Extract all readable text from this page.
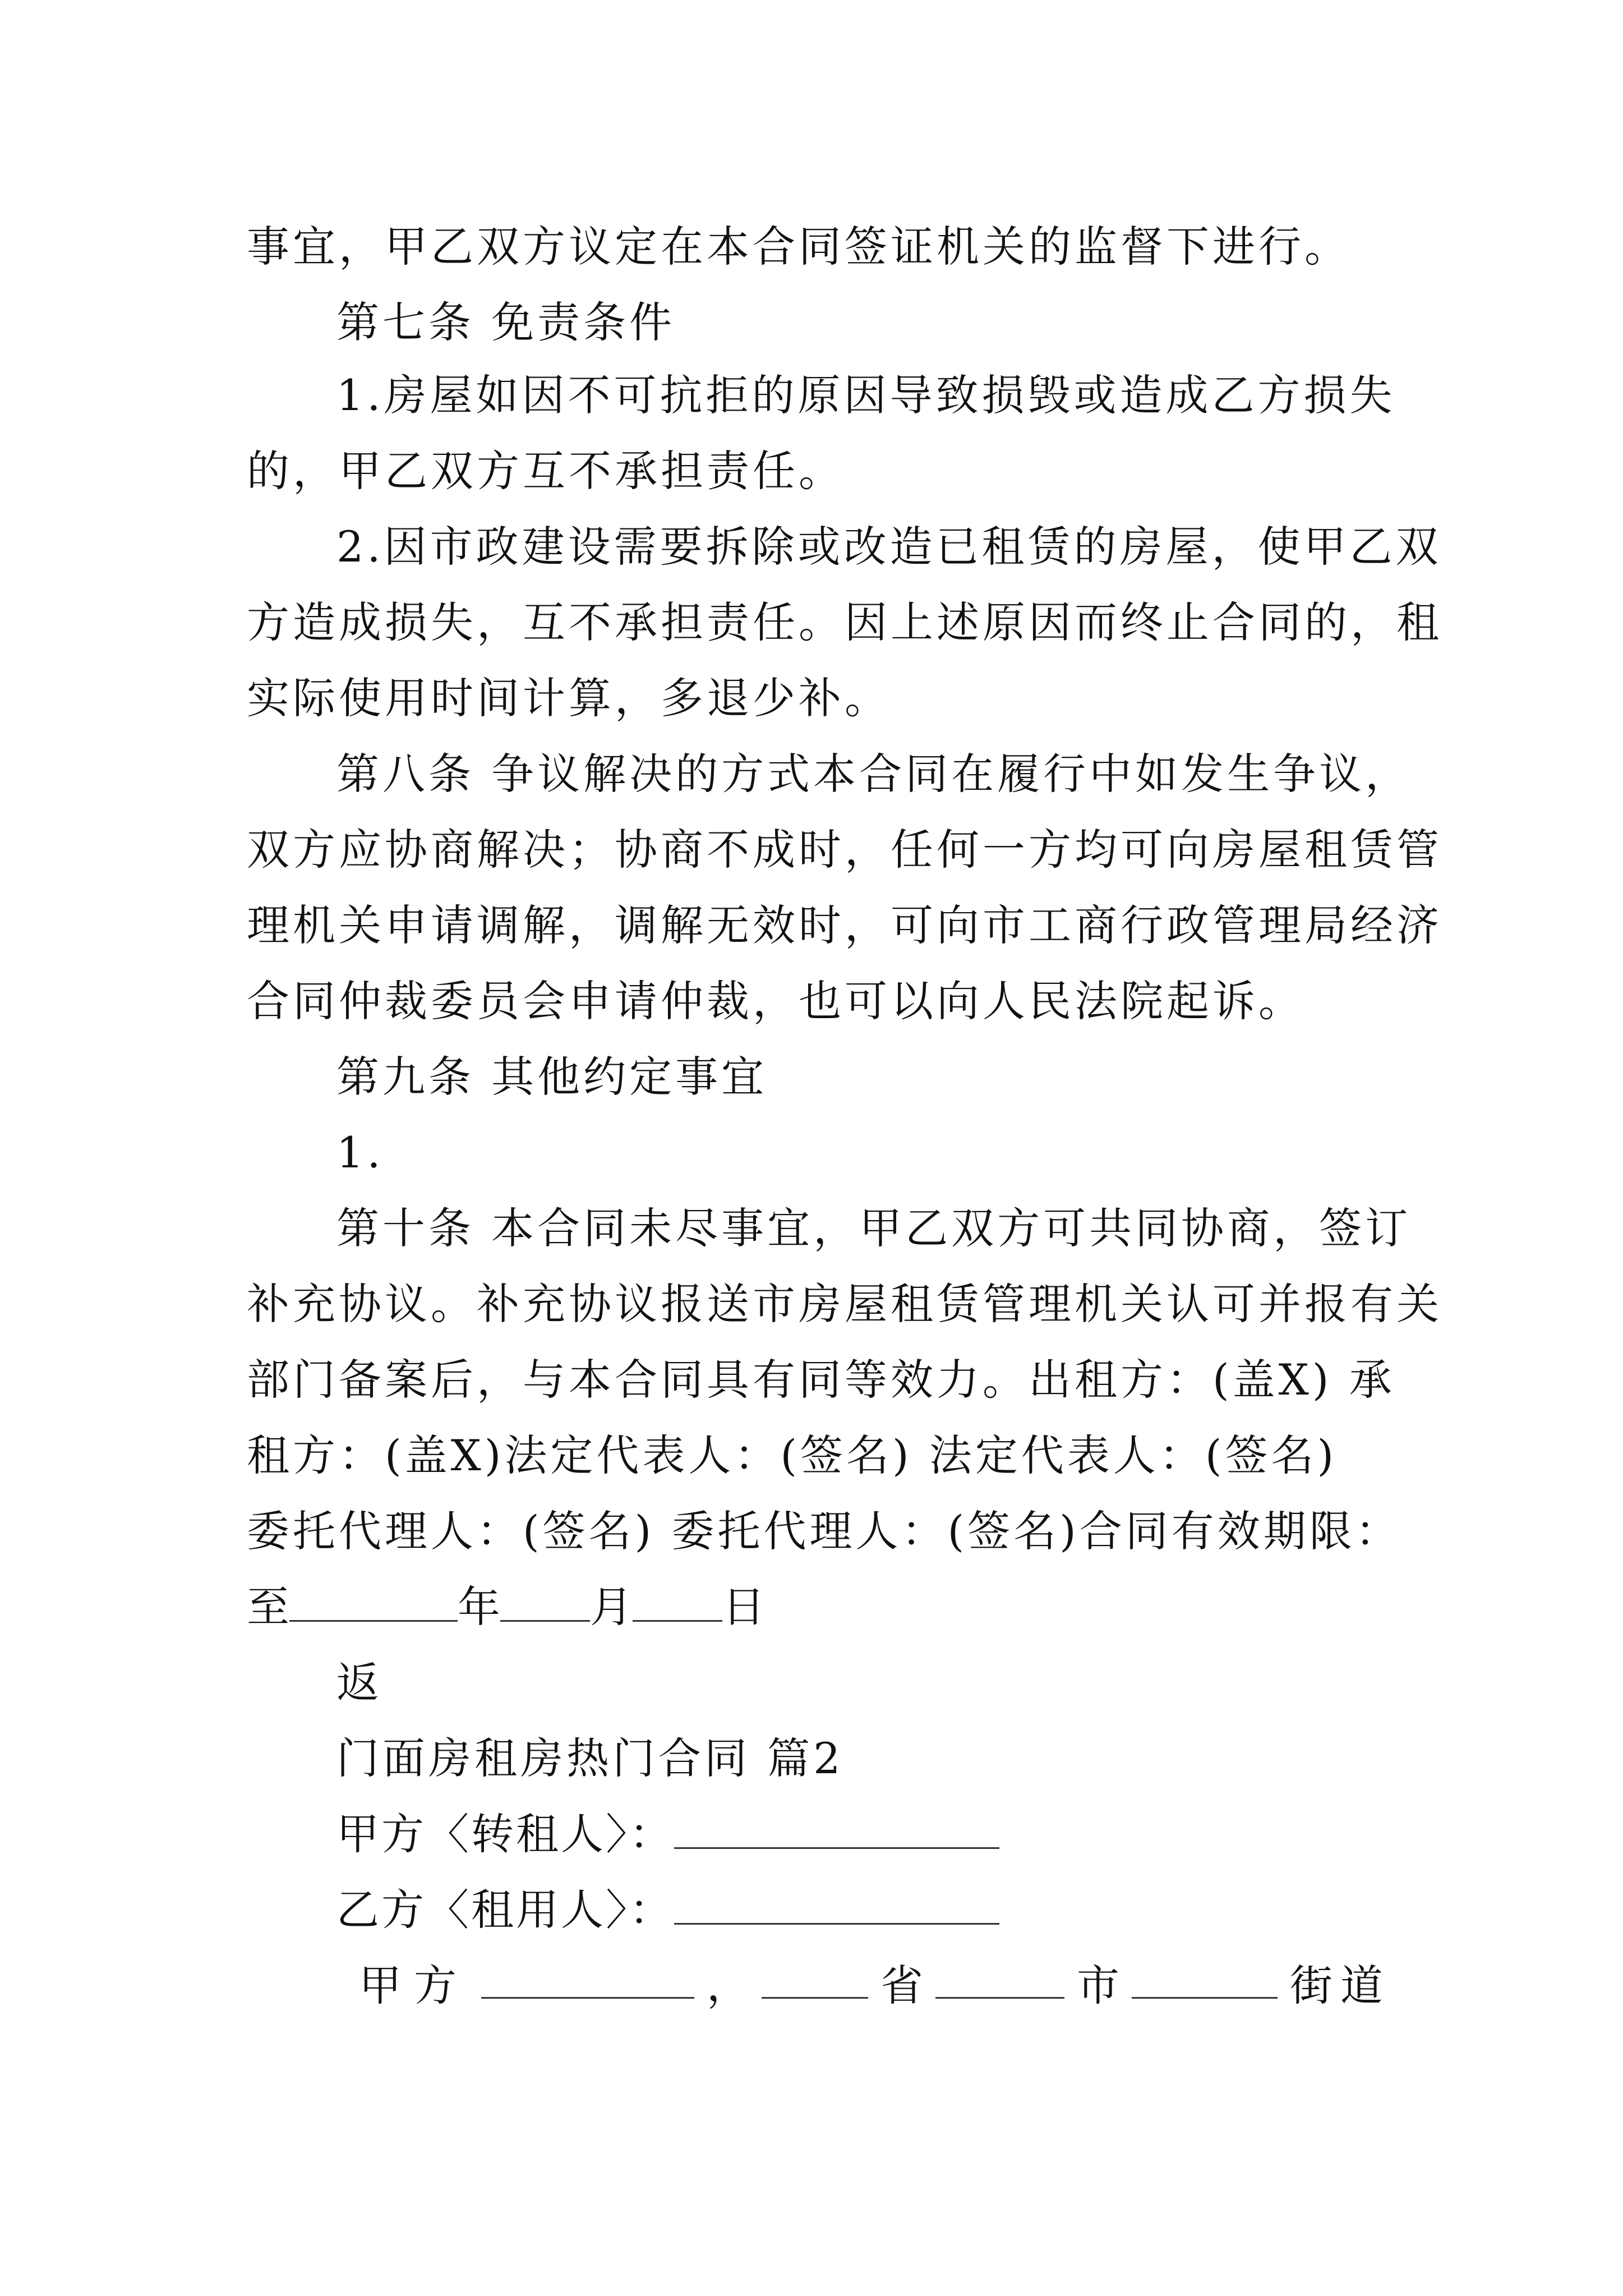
事宜，甲乙双方议定在本合同签证机关的监督下进行。
第七条 免责条件
1.房屋如因不可抗拒的原因导致损毁或造成乙方损失
的，甲乙双方互不承担责任。
2.因市政建设需要拆除或改造已租赁的房屋，使甲乙双
方造成损失，互不承担责任。因上述原因而终止合同的，租
实际使用时间计算，多退少补。
第八条 争议解决的方式本合同在履行中如发生争议，
双方应协商解决；协商不成时，任何一方均可向房屋租赁管
理机关申请调解，调解无效时，可向市工商行政管理局经济
合同仲裁委员会申请仲裁，也可以向人民法院起诉。
第九条 其他约定事宜
1.
第十条 本合同未尽事宜，甲乙双方可共同协商，签订
补充协议。补充协议报送市房屋租赁管理机关认可并报有关
部门备案后，与本合同具有同等效力。出租方：(盖X) 承
租方：(盖X)法定代表人：(签名) 法定代表人：(签名)
委托代理人：(签名) 委托代理人：(签名)合同有效期限：
至	年 月 日
返
门面房租房热门合同 篇2
甲方〈转租人〉：
乙方〈租用人〉：
甲方	，	省	市	街道
